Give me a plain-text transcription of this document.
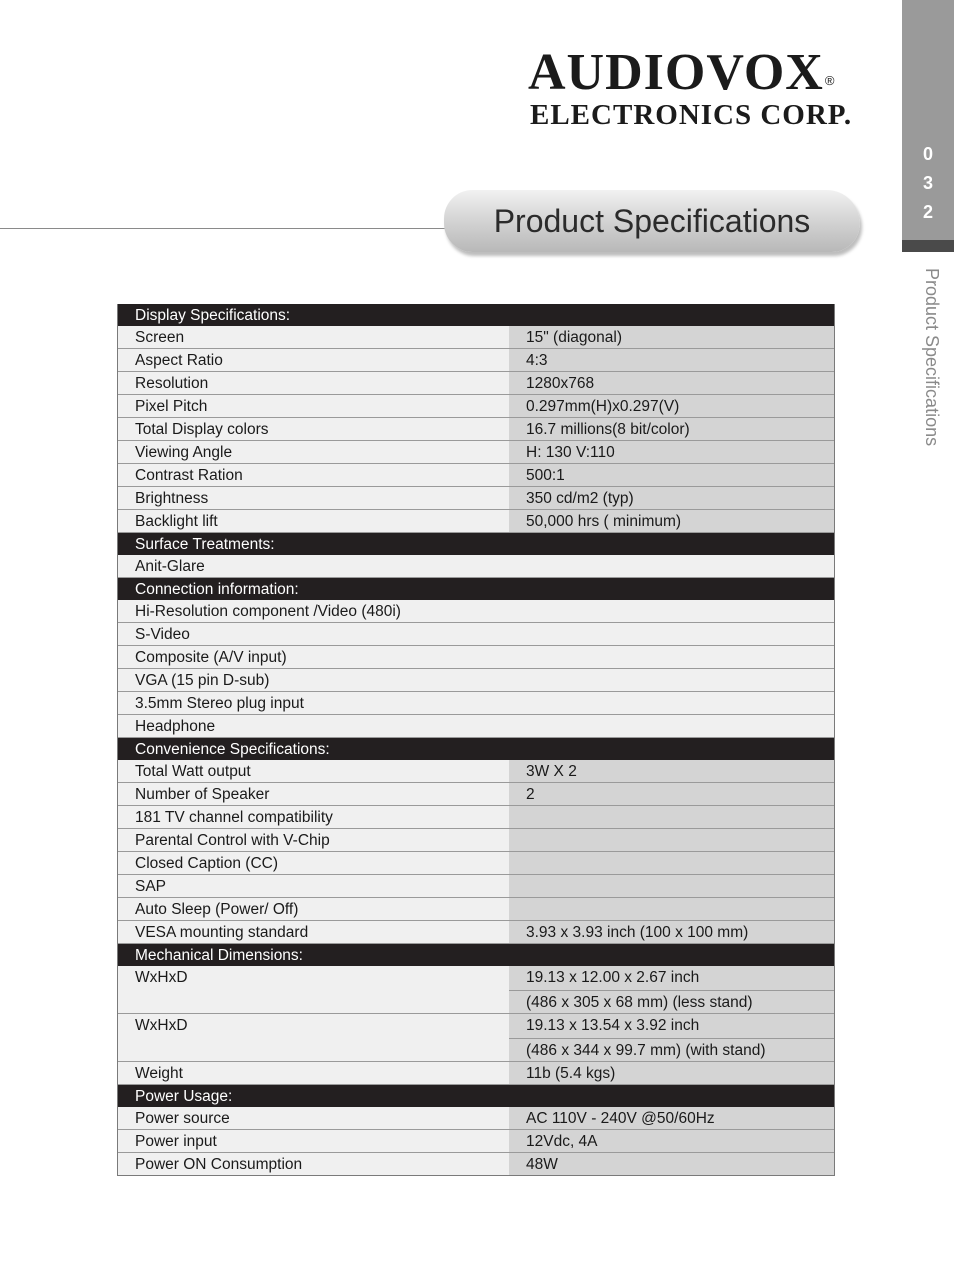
AUDIOVOX®
ELECTRONICS CORP.
0
3
2
Product Specifications
Product Specifications
Display Specifications:
Screen	15" (diagonal)
Aspect Ratio	4:3
Resolution	1280x768
Pixel Pitch	0.297mm(H)x0.297(V)
Total Display colors	16.7 millions(8 bit/color)
Viewing Angle	H: 130 V:110
Contrast Ration	500:1
Brightness	350 cd/m2 (typ)
Backlight lift	50,000 hrs ( minimum)
Surface Treatments:
Anit-Glare
Connection information:
Hi-Resolution component /Video (480i)
S-Video
Composite (A/V input)
VGA (15 pin D-sub)
3.5mm Stereo plug input
Headphone
Convenience Specifications:
Total Watt output	3W X 2
Number of Speaker	2
181 TV channel compatibility

Parental Control with V-Chip

Closed Caption (CC)

SAP

Auto Sleep (Power/ Off)

VESA mounting standard	3.93 x 3.93 inch (100 x 100 mm)
Mechanical Dimensions:
WxHxD	19.13 x 12.00 x 2.67 inch
(486 x 305 x 68 mm) (less stand)
WxHxD	19.13 x 13.54 x 3.92 inch
(486 x 344 x 99.7 mm) (with stand)
Weight	11b (5.4 kgs)
Power Usage:
Power source	AC 110V - 240V @50/60Hz
Power input	12Vdc, 4A
Power ON Consumption	48W
